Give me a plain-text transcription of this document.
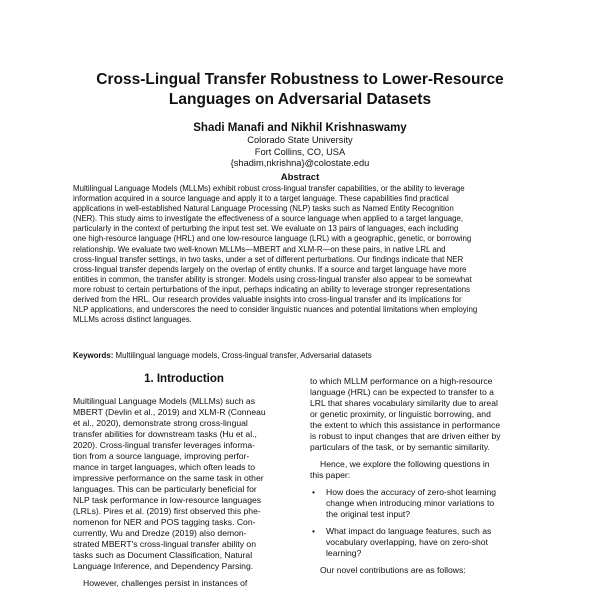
Cross-Lingual Transfer Robustness to Lower-Resource
Languages on Adversarial Datasets
Shadi Manafi and Nikhil Krishnaswamy
Colorado State University
Fort Collins, CO, USA
{shadim,nkrishna}@colostate.edu
Abstract
Multilingual Language Models (MLLMs) exhibit robust cross-lingual transfer capabilities, or the ability to leverage
information acquired in a source language and apply it to a target language. These capabilities find practical
applications in well-established Natural Language Processing (NLP) tasks such as Named Entity Recognition
(NER). This study aims to investigate the effectiveness of a source language when applied to a target language,
particularly in the context of perturbing the input test set. We evaluate on 13 pairs of languages, each including
one high-resource language (HRL) and one low-resource language (LRL) with a geographic, genetic, or borrowing
relationship. We evaluate two well-known MLLMs—MBERT and XLM-R—on these pairs, in native LRL and
cross-lingual transfer settings, in two tasks, under a set of different perturbations. Our findings indicate that NER
cross-lingual transfer depends largely on the overlap of entity chunks. If a source and target language have more
entities in common, the transfer ability is stronger. Models using cross-lingual transfer also appear to be somewhat
more robust to certain perturbations of the input, perhaps indicating an ability to leverage stronger representations
derived from the HRL. Our research provides valuable insights into cross-lingual transfer and its implications for
NLP applications, and underscores the need to consider linguistic nuances and potential limitations when employing
MLLMs across distinct languages.
Keywords: Multilingual language models, Cross-lingual transfer, Adversarial datasets
1. Introduction
Multilingual Language Models (MLLMs) such as
MBERT (Devlin et al., 2019) and XLM-R (Conneau
et al., 2020), demonstrate strong cross-lingual
transfer abilities for downstream tasks (Hu et al.,
2020). Cross-lingual transfer leverages informa-
tion from a source language, improving perfor-
mance in target languages, which often leads to
impressive performance on the same task in other
languages. This can be particularly beneficial for
NLP task performance in low-resource languages
(LRLs). Pires et al. (2019) first observed this phe-
nomenon for NER and POS tagging tasks. Con-
currently, Wu and Dredze (2019) also demon-
strated MBERT's cross-lingual transfer ability on
tasks such as Document Classification, Natural
Language Inference, and Dependency Parsing.
However, challenges persist in instances of
to which MLLM performance on a high-resource
language (HRL) can be expected to transfer to a
LRL that shares vocabulary similarity due to areal
or genetic proximity, or linguistic borrowing, and
the extent to which this assistance in performance
is robust to input changes that are driven either by
particulars of the task, or by semantic similarity.
Hence, we explore the following questions in
this paper:
• How does the accuracy of zero-shot learning
change when introducing minor variations to
the original test input?
• What impact do language features, such as
vocabulary overlapping, have on zero-shot
learning?
Our novel contributions are as follows:
